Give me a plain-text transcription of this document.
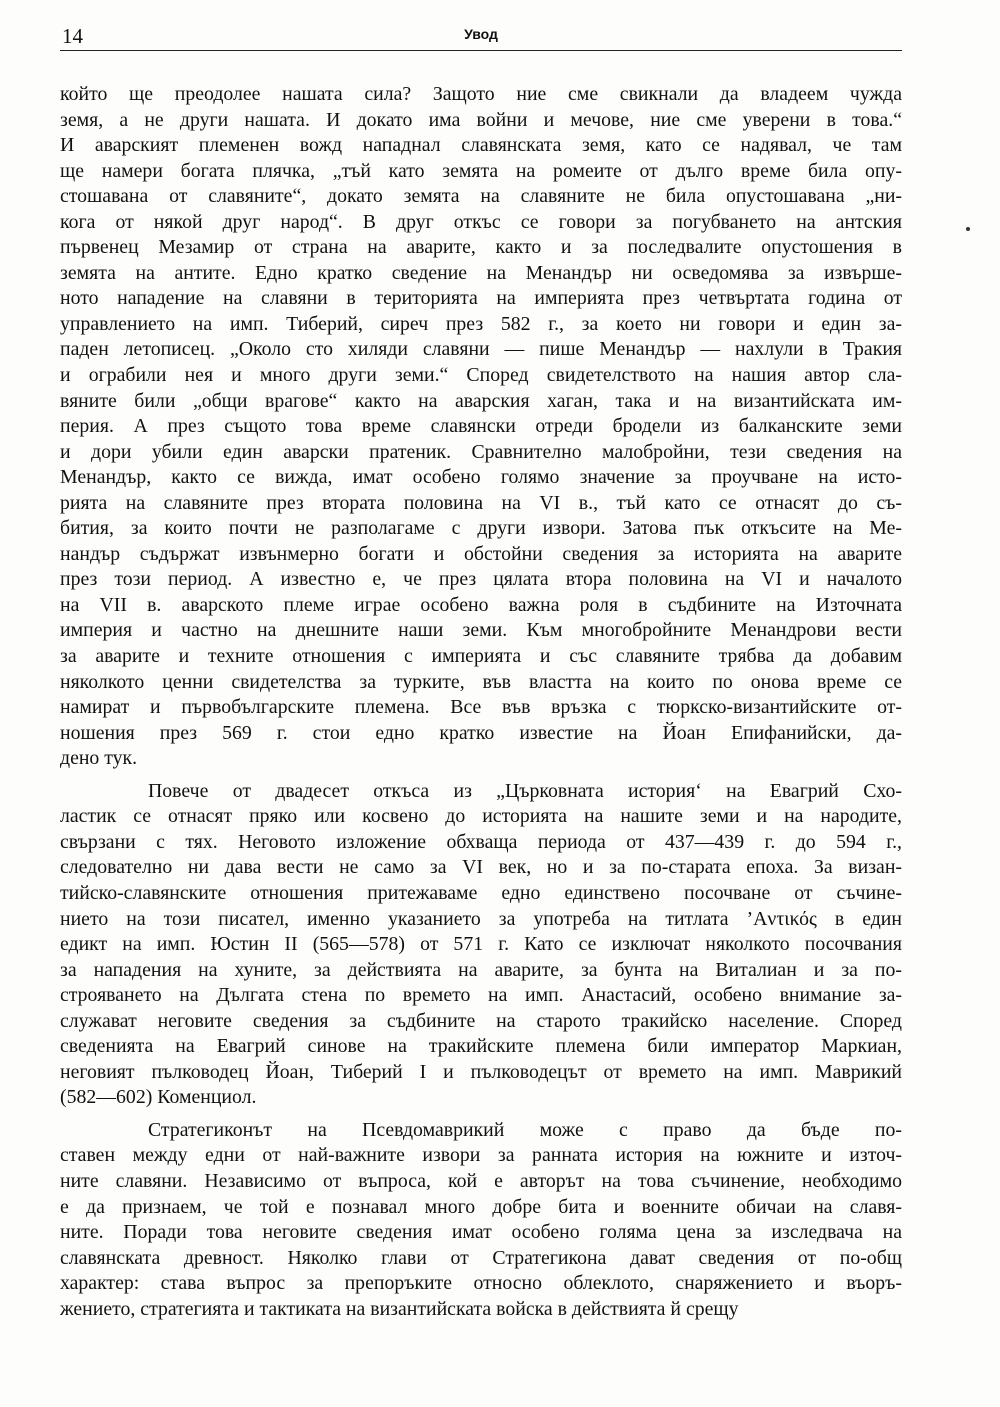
14	Увод
който ще преодолее нашата сила? Защото ние сме свикнали да владеем чужда
земя, а не други нашата. И докато има войни и мечове, ние сме уверени в това.“
И аварският племенен вожд нападнал славянската земя, като се надявал, че там
ще намери богата плячка, „тъй като земята на ромеите от дълго време била опу-
стошавана от славяните“, докато земята на славяните не била опустошавана „ни-
кога от някой друг народ“. В друг откъс се говори за погубването на антския
първенец Мезамир от страна на аварите, както и за последвалите опустошения в
земята на антите. Едно кратко сведение на Менандър ни осведомява за извърше-
ното нападение на славяни в територията на империята през четвъртата година от
управлението на имп. Тиберий, сиреч през 582 г., за което ни говори и един за-
паден летописец. „Около сто хиляди славяни — пише Менандър — нахлули в Тракия
и ограбили нея и много други земи.“ Според свидетелството на нашия автор сла-
вяните били „общи врагове“ както на аварския хаган, така и на византийската им-
перия. А през същото това време славянски отреди бродели из балканските земи
и дори убили един аварски пратеник. Сравнително малобройни, тези сведения на
Менандър, както се вижда, имат особено голямо значение за проучване на исто-
рията на славяните през втората половина на VI в., тъй като се отнасят до съ-
бития, за които почти не разполагаме с други извори. Затова пък откъсите на Ме-
нандър съдържат извънмерно богати и обстойни сведения за историята на аварите
през този период. А известно е, че през цялата втора половина на VI и началото
на VII в. аварското племе играе особено важна роля в съдбините на Източната
империя и частно на днешните наши земи. Към многобройните Менандрови вести
за аварите и техните отношения с империята и със славяните трябва да добавим
няколкото ценни свидетелства за турките, във властта на които по онова време се
намират и първобългарските племена. Все във връзка с тюркско-византийските от-
ношения през 569 г. стои едно кратко известие на Йоан Епифанийски, да-
дено тук.
Повече от двадесет откъса из „Църковната история‘ на Евагрий Схо-
ластик се отнасят пряко или косвено до историята на нашите земи и на народите,
свързани с тях. Неговото изложение обхваща периода от 437—439 г. до 594 г.,
следователно ни дава вести не само за VI век, но и за по-старата епоха. За визан-
тийско-славянските отношения притежаваме едно единствено посочване от съчине-
нието на този писател, именно указанието за употреба на титлата ’Aντικός в един
едикт на имп. Юстин II (565—578) от 571 г. Като се изключат няколкото посочвания
за нападения на хуните, за действията на аварите, за бунта на Виталиан и за по-
строяването на Дългата стена по времето на имп. Анастасий, особено внимание за-
служават неговите сведения за съдбините на старото тракийско население. Според
сведенията на Евагрий синове на тракийските племена били император Маркиан,
неговият пълководец Йоан, Тиберий I и пълководецът от времето на имп. Маврикий
(582—602) Коменциол.
Стратегиконът на Псевдомаврикий може с право да бъде по-
ставен между едни от най-важните извори за ранната история на южните и източ-
ните славяни. Независимо от въпроса, кой е авторът на това съчинение, необходимо
е да признаем, че той е познавал много добре бита и военните обичаи на славя-
ните. Поради това неговите сведения имат особено голяма цена за изследвача на
славянската древност. Няколко глави от Стратегикона дават сведения от по-общ
характер: става въпрос за препоръките относно облеклото, снаряжението и въоръ-
жението, стратегията и тактиката на византийската войска в действията й срещу
